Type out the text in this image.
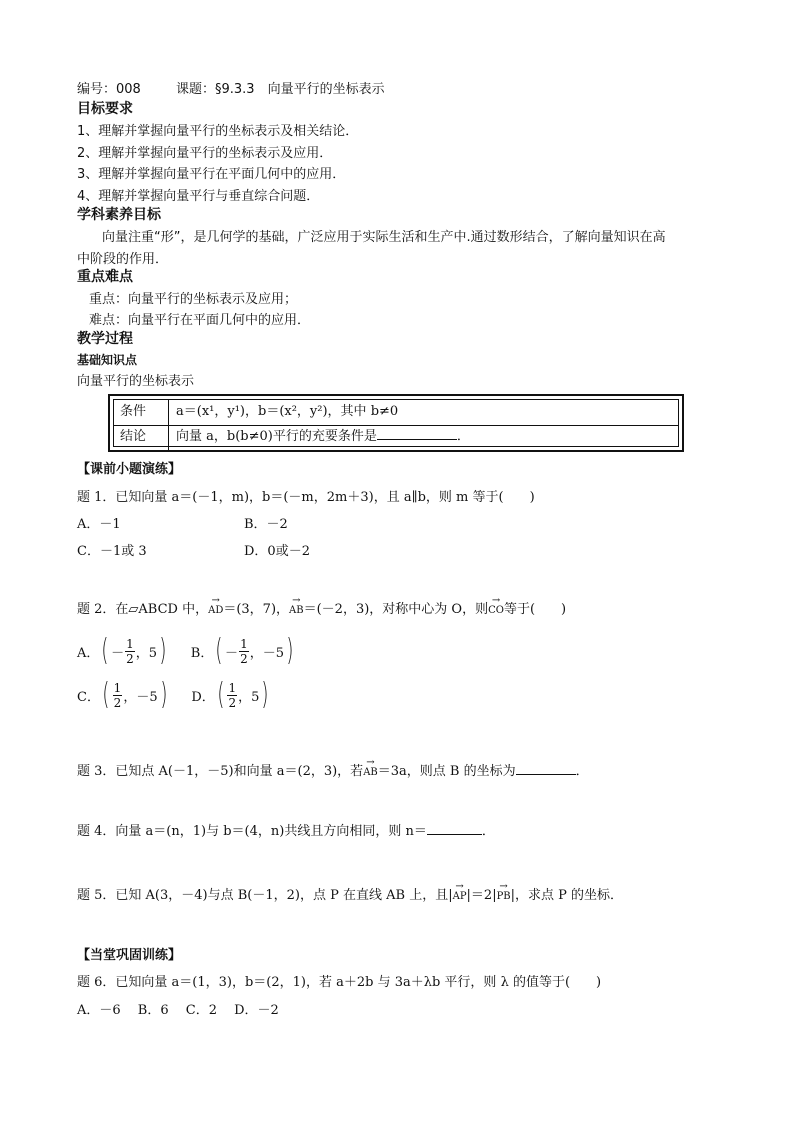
编号：008	课题：§9.3.3　向量平行的坐标表示
目标要求
1、理解并掌握向量平行的坐标表示及相关结论．
2、理解并掌握向量平行的坐标表示及应用．
3、理解并掌握向量平行在平面几何中的应用．
4、理解并掌握向量平行与垂直综合问题．
学科素养目标
向量注重“形”，是几何学的基础，广泛应用于实际生活和生产中.通过数形结合，了解向量知识在高
中阶段的作用．
重点难点
重点：向量平行的坐标表示及应用；
难点：向量平行在平面几何中的应用．
教学过程
基础知识点
向量平行的坐标表示
条件	a＝(x¹，y¹)，b＝(x²，y²)，其中 b≠0
结论	向量 a，b(b≠0)平行的充要条件是	．
【课前小题演练】
题 1．已知向量 a＝(－1，m)，b＝(－m，2m＋3)，且 a∥b，则 m 等于(　　)
A．－1	B．－2
C．－1或 3	D．0或－2
题 2．在▱ABCD 中，→ AD＝(3，7)，→ AB＝(－2，3)，对称中心为 O，则→ CO等于(　　)
A． ( － $\frac{1}{2}$ ，5 ) B． ( － $\frac{1}{2}$ ，－5 )
C． ( $\frac{1}{2}$ ，－5 ) D． ( $\frac{1}{2}$ ，5 )
题 3．已知点 A(－1，－5)和向量 a＝(2，3)，若→ AB＝3a，则点 B 的坐标为	．
题 4．向量 a＝(n，1)与 b＝(4，n)共线且方向相同，则 n＝	．
题 5．已知 A(3，－4)与点 B(－1，2)，点 P 在直线 AB 上，且|→ AP|＝2|→ PB|，求点 P 的坐标．
【当堂巩固训练】
题 6．已知向量 a＝(1，3)，b＝(2，1)，若 a＋2b 与 3a＋λb 平行，则 λ 的值等于(　　)
A．－6　 B．6　 C．2　 D．－2
